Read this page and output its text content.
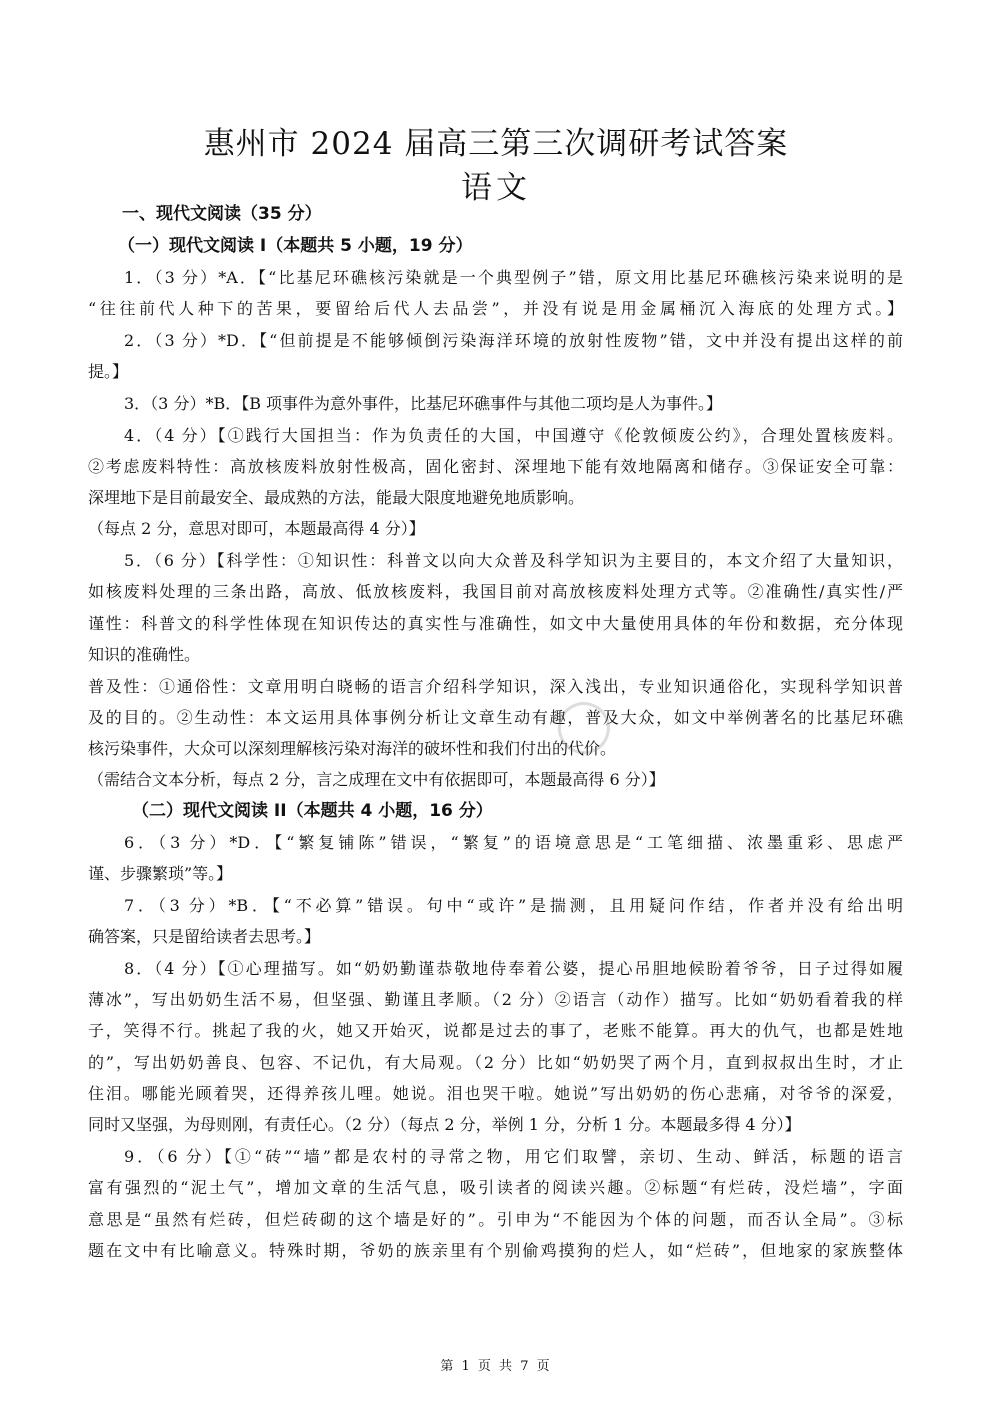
惠州市 2024 届高三第三次调研考试答案
语文
一、现代文阅读（35 分）
（一）现代文阅读 I（本题共 5 小题，19 分）
1．（3 分）*A．【“比基尼环礁核污染就是一个典型例子”错，原文用比基尼环礁核污染来说明的是
“往往前代人种下的苦果，要留给后代人去品尝”，并没有说是用金属桶沉入海底的处理方式。】
2．（3 分）*D．【“但前提是不能够倾倒污染海洋环境的放射性废物”错，文中并没有提出这样的前
提。】
3．（3 分）*B．【B 项事件为意外事件，比基尼环礁事件与其他二项均是人为事件。】
4．（4 分）【①践行大国担当：作为负责任的大国，中国遵守《伦敦倾废公约》，合理处置核废料。
②考虑废料特性：高放核废料放射性极高，固化密封、深埋地下能有效地隔离和储存。③保证安全可靠：
深埋地下是目前最安全、最成熟的方法，能最大限度地避免地质影响。
（每点 2 分，意思对即可，本题最高得 4 分）】
5．（6 分）【科学性：①知识性：科普文以向大众普及科学知识为主要目的，本文介绍了大量知识，
如核废料处理的三条出路，高放、低放核废料，我国目前对高放核废料处理方式等。②准确性/真实性/严
谨性：科普文的科学性体现在知识传达的真实性与准确性，如文中大量使用具体的年份和数据，充分体现
知识的准确性。
普及性：①通俗性：文章用明白晓畅的语言介绍科学知识，深入浅出，专业知识通俗化，实现科学知识普
及的目的。②生动性：本文运用具体事例分析让文章生动有趣，普及大众，如文中举例著名的比基尼环礁
核污染事件，大众可以深刻理解核污染对海洋的破坏性和我们付出的代价。
（需结合文本分析，每点 2 分，言之成理在文中有依据即可，本题最高得 6 分）】
（二）现代文阅读 II（本题共 4 小题，16 分）
6．（3 分）*D．【“繁复铺陈”错误，“繁复”的语境意思是“工笔细描、浓墨重彩、思虑严
谨、步骤繁琐”等。】
7．（3 分）*B．【“不必算”错误。句中“或许”是揣测，且用疑问作结，作者并没有给出明
确答案，只是留给读者去思考。】
8．（4 分）【①心理描写。如“奶奶勤谨恭敬地侍奉着公婆，提心吊胆地候盼着爷爷，日子过得如履
薄冰”，写出奶奶生活不易，但坚强、勤谨且孝顺。（2 分）②语言（动作）描写。比如“奶奶看着我的样
子，笑得不行。挑起了我的火，她又开始灭，说都是过去的事了，老账不能算。再大的仇气，也都是姓地
的”，写出奶奶善良、包容、不记仇，有大局观。（2 分）比如“奶奶哭了两个月，直到叔叔出生时，才止
住泪。哪能光顾着哭，还得养孩儿哩。她说。泪也哭干啦。她说”写出奶奶的伤心悲痛，对爷爷的深爱，
同时又坚强，为母则刚，有责任心。（2 分）（每点 2 分，举例 1 分，分析 1 分。本题最多得 4 分）】
9．（6 分）【①“砖”“墙”都是农村的寻常之物，用它们取譬，亲切、生动、鲜活，标题的语言
富有强烈的“泥土气”，增加文章的生活气息，吸引读者的阅读兴趣。②标题“有烂砖，没烂墙”，字面
意思是“虽然有烂砖，但烂砖砌的这个墙是好的”。引申为“不能因为个体的问题，而否认全局”。③标
题在文中有比喻意义。特殊时期，爷奶的族亲里有个别偷鸡摸狗的烂人，如“烂砖”，但地家的家族整体
第 1 页 共 7 页
